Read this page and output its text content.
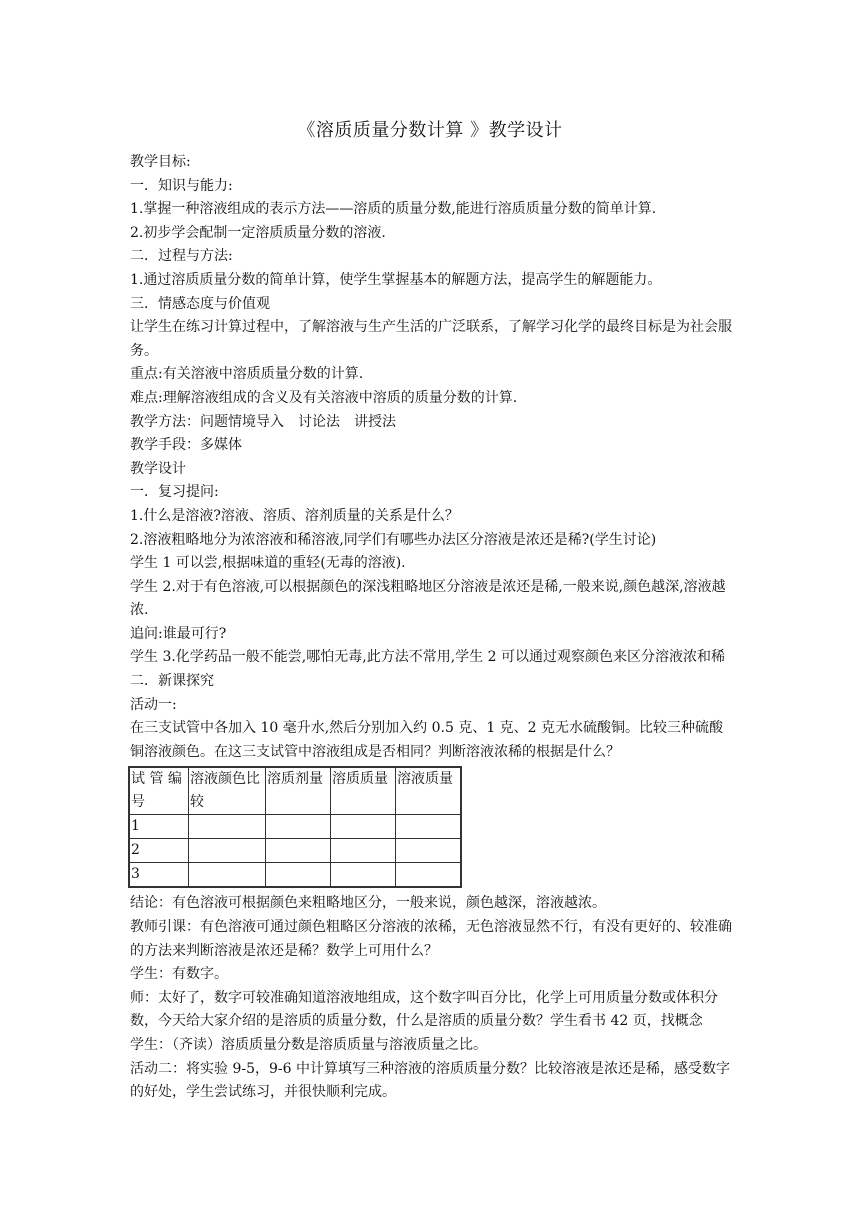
《溶质质量分数计算 》教学设计

教学目标:

一．知识与能力:

1.掌握一种溶液组成的表示方法——溶质的质量分数,能进行溶质质量分数的简单计算.

2.初步学会配制一定溶质质量分数的溶液.

二．过程与方法:

1.通过溶质质量分数的简单计算，使学生掌握基本的解题方法，提高学生的解题能力。

三．情感态度与价值观

让学生在练习计算过程中，了解溶液与生产生活的广泛联系，了解学习化学的最终目标是为社会服务。

重点:有关溶液中溶质质量分数的计算.

难点:理解溶液组成的含义及有关溶液中溶质的质量分数的计算.

教学方法：问题情境导入　讨论法　讲授法

教学手段：多媒体

教学设计

一．复习提问:

1.什么是溶液?溶液、溶质、溶剂质量的关系是什么？

2.溶液粗略地分为浓溶液和稀溶液,同学们有哪些办法区分溶液是浓还是稀?(学生讨论)

学生 1 可以尝,根据味道的重轻(无毒的溶液).

学生 2.对于有色溶液,可以根据颜色的深浅粗略地区分溶液是浓还是稀,一般来说,颜色越深,溶液越浓.

追问:谁最可行?

学生 3.化学药品一般不能尝,哪怕无毒,此方法不常用,学生 2 可以通过观察颜色来区分溶液浓和稀

二．新课探究

活动一:

在三支试管中各加入 10 毫升水,然后分别加入约 0.5 克、1 克、2 克无水硫酸铜。比较三种硫酸铜溶液颜色。在这三支试管中溶液组成是否相同？判断溶液浓稀的根据是什么？

试 管 编号	溶液颜色比较	溶质剂量	溶质质量	溶液质量
1				
2				
3				

结论：有色溶液可根据颜色来粗略地区分，一般来说，颜色越深，溶液越浓。

教师引课：有色溶液可通过颜色粗略区分溶液的浓稀，无色溶液显然不行，有没有更好的、较准确的方法来判断溶液是浓还是稀？数学上可用什么？

学生：有数字。

师：太好了，数字可较准确知道溶液地组成，这个数字叫百分比，化学上可用质量分数或体积分数，今天给大家介绍的是溶质的质量分数，什么是溶质的质量分数？学生看书 42 页，找概念

学生：（齐读）溶质质量分数是溶质质量与溶液质量之比。

活动二：将实验 9-5，9-6 中计算填写三种溶液的溶质质量分数？比较溶液是浓还是稀，感受数字的好处，学生尝试练习，并很快顺利完成。
